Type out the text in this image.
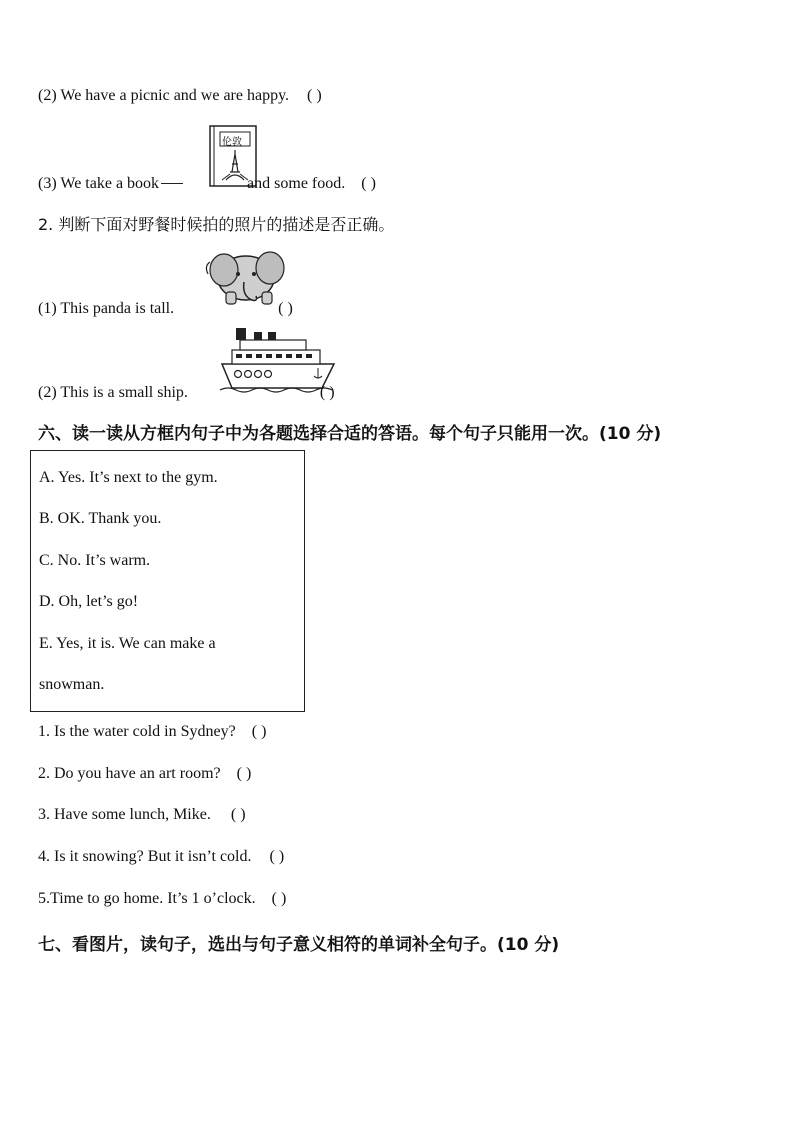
(2) We have a picnic and we are happy. ( )
伦敦
(3) We take a book	and some food. ( )
2. 判断下面对野餐时候拍的照片的描述是否正确。
(1) This panda is tall.	( )
(2) This is a small ship.	( )
六、读一读从方框内句子中为各题选择合适的答语。每个句子只能用一次。(10 分)
A. Yes. It’s next to the gym.
B. OK. Thank you.
C. No. It’s warm.
D. Oh, let’s go!
E. Yes, it is. We can make a
snowman.
1. Is the water cold in Sydney? ( )
2. Do you have an art room? ( )
3. Have some lunch, Mike. ( )
4. Is it snowing? But it isn’t cold. ( )
5.Time to go home. It’s 1 o’clock. ( )
七、看图片，读句子，选出与句子意义相符的单词补全句子。(10 分)
